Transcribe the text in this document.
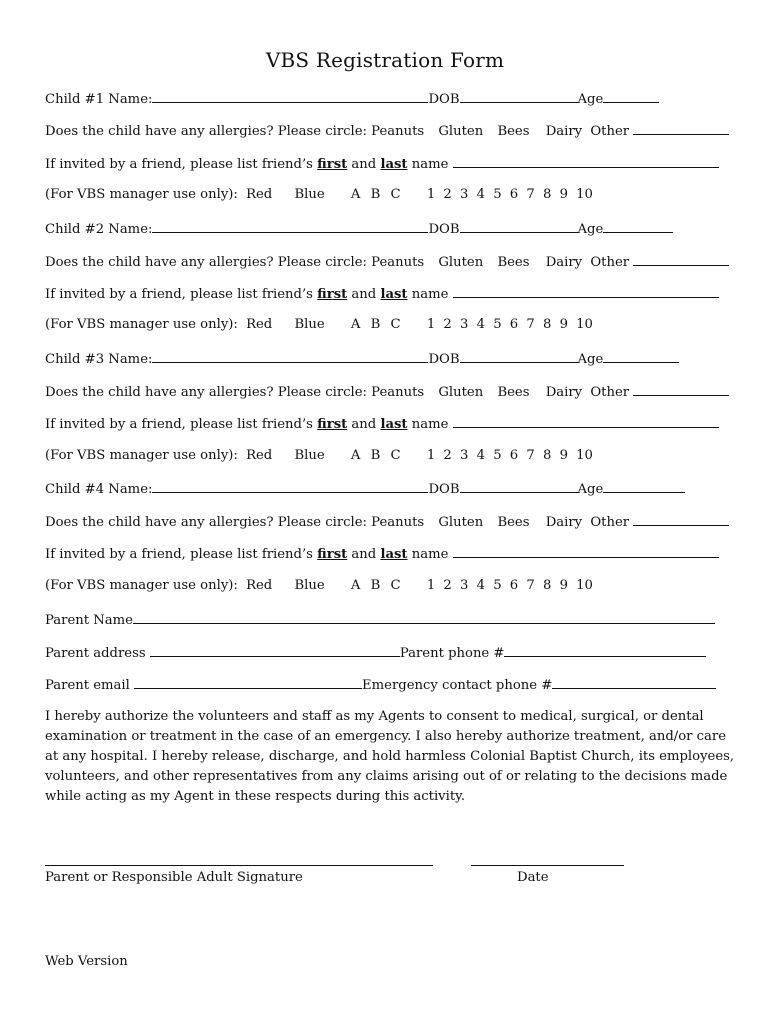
VBS Registration Form
Child #1 Name:	DOB	Age
Does the child have any allergies? Please circle: Peanuts Gluten Bees Dairy Other
If invited by a friend, please list friend’s first and last name
(For VBS manager use only): Red Blue A B C 1 2 3 4 5 6 7 8 9 10
Child #2 Name:	DOB	Age
Does the child have any allergies? Please circle: Peanuts Gluten Bees Dairy Other
If invited by a friend, please list friend’s first and last name
(For VBS manager use only): Red Blue A B C 1 2 3 4 5 6 7 8 9 10
Child #3 Name:	DOB	Age
Does the child have any allergies? Please circle: Peanuts Gluten Bees Dairy Other
If invited by a friend, please list friend’s first and last name
(For VBS manager use only): Red Blue A B C 1 2 3 4 5 6 7 8 9 10
Child #4 Name:	DOB	Age
Does the child have any allergies? Please circle: Peanuts Gluten Bees Dairy Other
If invited by a friend, please list friend’s first and last name
(For VBS manager use only): Red Blue A B C 1 2 3 4 5 6 7 8 9 10
Parent Name
Parent address	Parent phone #
Parent email	Emergency contact phone #
I hereby authorize the volunteers and staff as my Agents to consent to medical, surgical, or dental examination or treatment in the case of an emergency. I also hereby authorize treatment, and/or care at any hospital. I hereby release, discharge, and hold harmless Colonial Baptist Church, its employees, volunteers, and other representatives from any claims arising out of or relating to the decisions made while acting as my Agent in these respects during this activity.
Parent or Responsible Adult Signature	Date
Web Version
